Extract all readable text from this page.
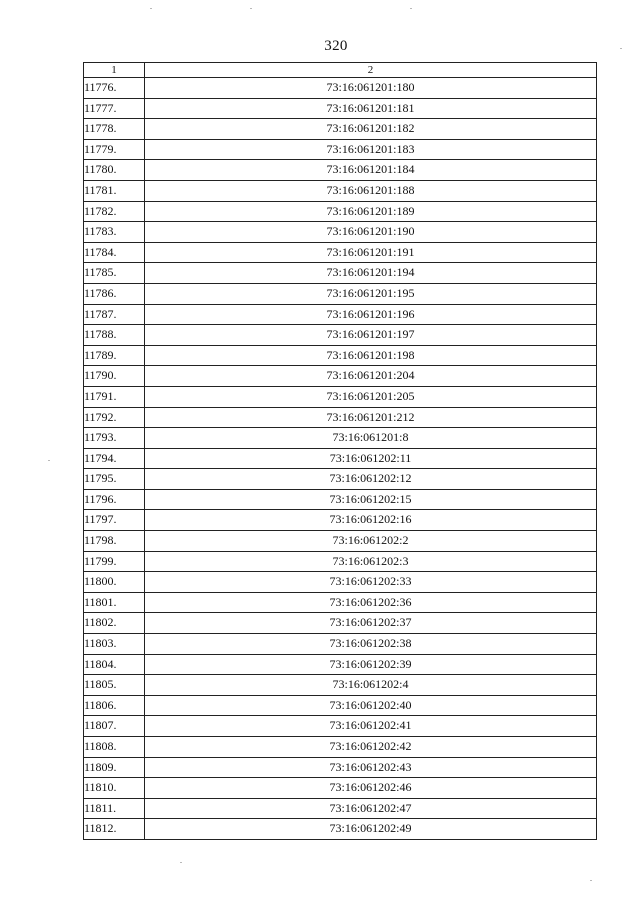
320
1	2
11776.	73:16:061201:180
11777.	73:16:061201:181
11778.	73:16:061201:182
11779.	73:16:061201:183
11780.	73:16:061201:184
11781.	73:16:061201:188
11782.	73:16:061201:189
11783.	73:16:061201:190
11784.	73:16:061201:191
11785.	73:16:061201:194
11786.	73:16:061201:195
11787.	73:16:061201:196
11788.	73:16:061201:197
11789.	73:16:061201:198
11790.	73:16:061201:204
11791.	73:16:061201:205
11792.	73:16:061201:212
11793.	73:16:061201:8
11794.	73:16:061202:11
11795.	73:16:061202:12
11796.	73:16:061202:15
11797.	73:16:061202:16
11798.	73:16:061202:2
11799.	73:16:061202:3
11800.	73:16:061202:33
11801.	73:16:061202:36
11802.	73:16:061202:37
11803.	73:16:061202:38
11804.	73:16:061202:39
11805.	73:16:061202:4
11806.	73:16:061202:40
11807.	73:16:061202:41
11808.	73:16:061202:42
11809.	73:16:061202:43
11810.	73:16:061202:46
11811.	73:16:061202:47
11812.	73:16:061202:49
